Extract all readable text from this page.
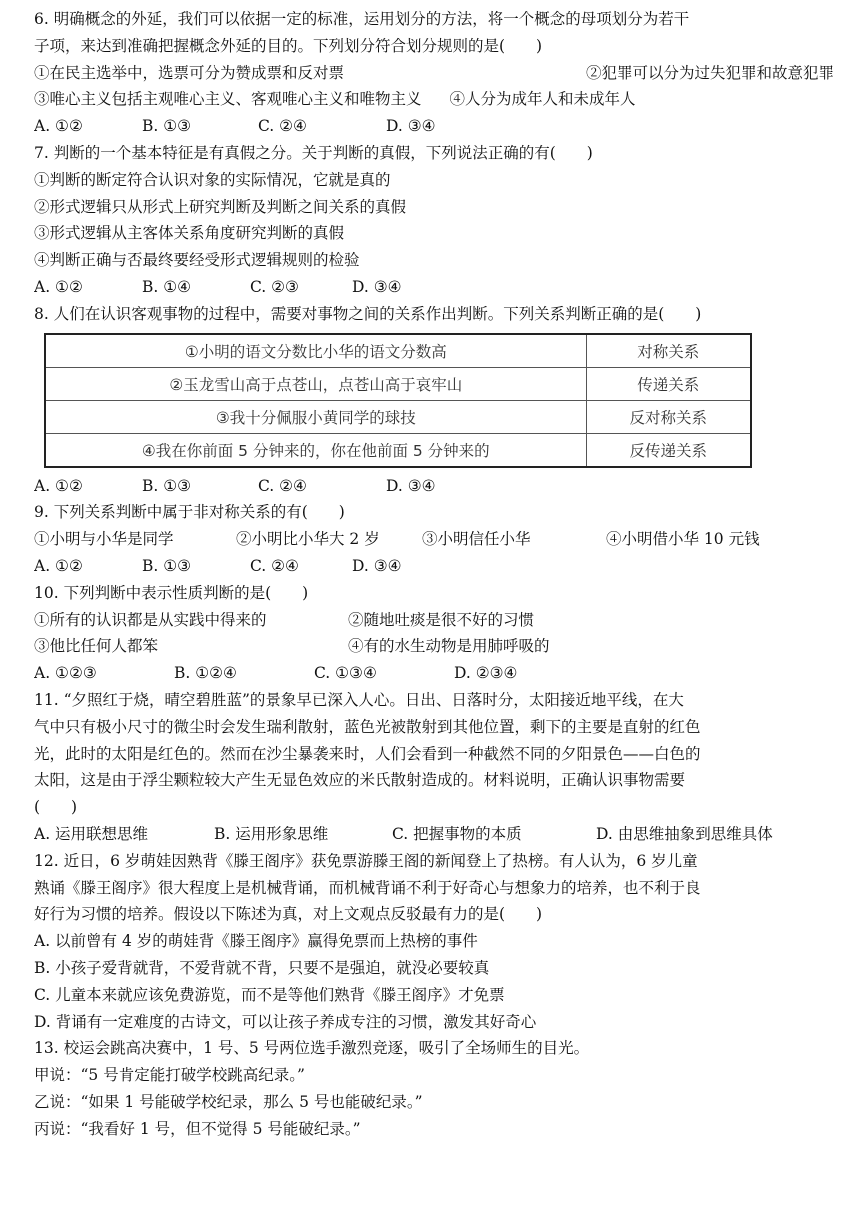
6. 明确概念的外延，我们可以依据一定的标准，运用划分的方法，将一个概念的母项划分为若干
子项，来达到准确把握概念外延的目的。下列划分符合划分规则的是(　　)
①在民主选举中，选票可分为赞成票和反对票	②犯罪可以分为过失犯罪和故意犯罪
③唯心主义包括主观唯心主义、客观唯心主义和唯物主义 ④人分为成年人和未成年人
A. ①②	B. ①③	C. ②④	D. ③④
7. 判断的一个基本特征是有真假之分。关于判断的真假，下列说法正确的有(　　)
①判断的断定符合认识对象的实际情况，它就是真的
②形式逻辑只从形式上研究判断及判断之间关系的真假
③形式逻辑从主客体关系角度研究判断的真假
④判断正确与否最终要经受形式逻辑规则的检验
A. ①②	B. ①④	C. ②③	D. ③④
8. 人们在认识客观事物的过程中，需要对事物之间的关系作出判断。下列关系判断正确的是(　　)
①小明的语文分数比小华的语文分数高	对称关系
②玉龙雪山高于点苍山，点苍山高于哀牢山	传递关系
③我十分佩服小黄同学的球技	反对称关系
④我在你前面 5 分钟来的，你在他前面 5 分钟来的	反传递关系
A. ①②	B. ①③	C. ②④	D. ③④
9. 下列关系判断中属于非对称关系的有(　　)
①小明与小华是同学	②小明比小华大 2 岁	③小明信任小华	④小明借小华 10 元钱
A. ①②	B. ①③	C. ②④	D. ③④
10. 下列判断中表示性质判断的是(　　)
①所有的认识都是从实践中得来的	②随地吐痰是很不好的习惯
③他比任何人都笨	④有的水生动物是用肺呼吸的
A. ①②③	B. ①②④	C. ①③④	D. ②③④
11. “夕照红于烧，晴空碧胜蓝”的景象早已深入人心。日出、日落时分，太阳接近地平线，在大
气中只有极小尺寸的微尘时会发生瑞利散射，蓝色光被散射到其他位置，剩下的主要是直射的红色
光，此时的太阳是红色的。然而在沙尘暴袭来时，人们会看到一种截然不同的夕阳景色——白色的
太阳，这是由于浮尘颗粒较大产生无显色效应的米氏散射造成的。材料说明，正确认识事物需要
(　　)
A. 运用联想思维	B. 运用形象思维	C. 把握事物的本质	D. 由思维抽象到思维具体
12. 近日，6 岁萌娃因熟背《滕王阁序》获免票游滕王阁的新闻登上了热榜。有人认为，6 岁儿童
熟诵《滕王阁序》很大程度上是机械背诵，而机械背诵不利于好奇心与想象力的培养，也不利于良
好行为习惯的培养。假设以下陈述为真，对上文观点反驳最有力的是(　　)
A. 以前曾有 4 岁的萌娃背《滕王阁序》赢得免票而上热榜的事件
B. 小孩子爱背就背，不爱背就不背，只要不是强迫，就没必要较真
C. 儿童本来就应该免费游览，而不是等他们熟背《滕王阁序》才免票
D. 背诵有一定难度的古诗文，可以让孩子养成专注的习惯，激发其好奇心
13. 校运会跳高决赛中，1 号、5 号两位选手激烈竞逐，吸引了全场师生的目光。
甲说：“5 号肯定能打破学校跳高纪录。”
乙说：“如果 1 号能破学校纪录，那么 5 号也能破纪录。”
丙说：“我看好 1 号，但不觉得 5 号能破纪录。”
